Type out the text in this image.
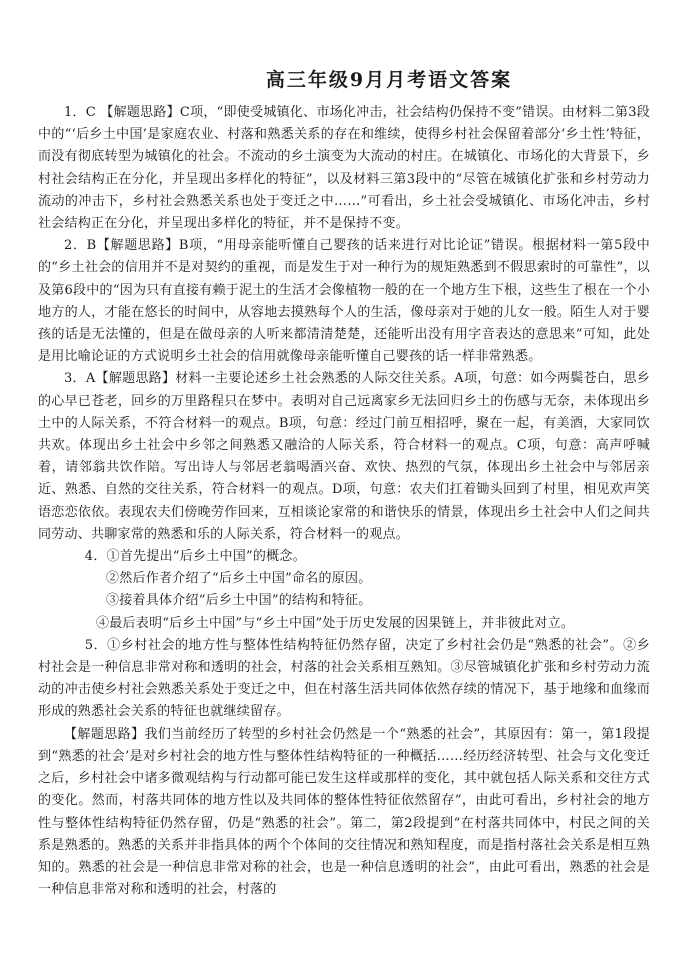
高三年级9月月考语文答案

1．C 【解题思路】C项，“即使受城镇化、市场化冲击，社会结构仍保持不变”错误。由材料二第3段中的“‘后乡土中国’是家庭农业、村落和熟悉关系的存在和维续，使得乡村社会保留着部分‘乡土性’特征，而没有彻底转型为城镇化的社会。不流动的乡土演变为大流动的村庄。在城镇化、市场化的大背景下，乡村社会结构正在分化，并呈现出多样化的特征”，以及材料三第3段中的“尽管在城镇化扩张和乡村劳动力流动的冲击下，乡村社会熟悉关系也处于变迁之中……”可看出，乡土社会受城镇化、市场化冲击，乡村社会结构正在分化，并呈现出多样化的特征，并不是保持不变。

2．B【解题思路】B项，“用母亲能听懂自己婴孩的话来进行对比论证”错误。根据材料一第5段中的“乡土社会的信用并不是对契约的重视，而是发生于对一种行为的规矩熟悉到不假思索时的可靠性”，以及第6段中的“因为只有直接有赖于泥土的生活才会像植物一般的在一个地方生下根，这些生了根在一个小地方的人，才能在悠长的时间中，从容地去摸熟每个人的生活，像母亲对于她的儿女一般。陌生人对于婴孩的话是无法懂的，但是在做母亲的人听来都清清楚楚，还能听出没有用字音表达的意思来”可知，此处是用比喻论证的方式说明乡土社会的信用就像母亲能听懂自己婴孩的话一样非常熟悉。

3．A【解题思路】材料一主要论述乡土社会熟悉的人际交往关系。A项，句意：如今两鬓苍白，思乡的心早已苍老，回乡的万里路程只在梦中。表明对自己远离家乡无法回归乡土的伤感与无奈，未体现出乡土中的人际关系，不符合材料一的观点。B项，句意：经过门前互相招呼，聚在一起，有美酒，大家同饮共欢。体现出乡土社会中乡邻之间熟悉又融洽的人际关系，符合材料一的观点。C项，句意：高声呼喊着，请邻翁共饮作陪。写出诗人与邻居老翁喝酒兴奋、欢快、热烈的气氛，体现出乡土社会中与邻居亲近、熟悉、自然的交往关系，符合材料一的观点。D项，句意：农夫们扛着锄头回到了村里，相见欢声笑语恋恋依依。表现农夫们傍晚劳作回来，互相谈论家常的和谐快乐的情景，体现出乡土社会中人们之间共同劳动、共聊家常的熟悉和乐的人际关系，符合材料一的观点。

4．①首先提出“后乡土中国”的概念。

②然后作者介绍了“后乡土中国”命名的原因。

③接着具体介绍“后乡土中国”的结构和特征。

④最后表明“后乡土中国”与“乡土中国”处于历史发展的因果链上，并非彼此对立。

5．①乡村社会的地方性与整体性结构特征仍然存留，决定了乡村社会仍是“熟悉的社会”。②乡村社会是一种信息非常对称和透明的社会，村落的社会关系相互熟知。③尽管城镇化扩张和乡村劳动力流动的冲击使乡村社会熟悉关系处于变迁之中，但在村落生活共同体依然存续的情况下，基于地缘和血缘而形成的熟悉社会关系的特征也就继续留存。

【解题思路】我们当前经历了转型的乡村社会仍然是一个“熟悉的社会”，其原因有：第一，第1段提到“熟悉的社会’是对乡村社会的地方性与整体性结构特征的一种概括……经历经济转型、社会与文化变迁之后，乡村社会中诸多微观结构与行动都可能已发生这样或那样的变化，其中就包括人际关系和交往方式的变化。然而，村落共同体的地方性以及共同体的整体性特征依然留存”，由此可看出，乡村社会的地方性与整体性结构特征仍然存留，仍是“熟悉的社会”。第二，第2段提到“在村落共同体中，村民之间的关系是熟悉的。熟悉的关系并非指具体的两个个体间的交往情况和熟知程度，而是指村落社会关系是相互熟知的。熟悉的社会是一种信息非常对称的社会，也是一种信息透明的社会”，由此可看出，熟悉的社会是一种信息非常对称和透明的社会，村落的
